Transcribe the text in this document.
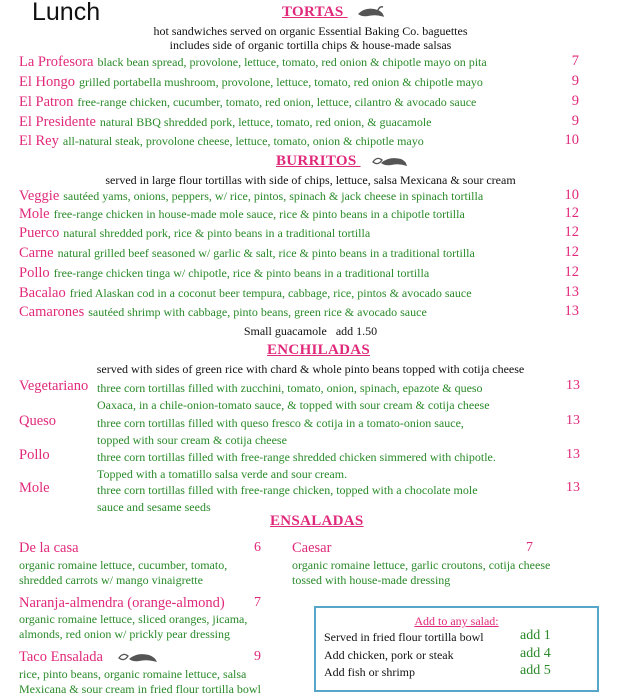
Lunch	TORTAS
hot sandwiches served on organic Essential Baking Co. baguettes
includes side of organic tortilla chips & house-made salsas
La Profesora black bean spread, provolone, lettuce, tomato, red onion & chipotle mayo on pita	7
El Hongo grilled portabella mushroom, provolone, lettuce, tomato, red onion & chipotle mayo	9
El Patron free-range chicken, cucumber, tomato, red onion, lettuce, cilantro & avocado sauce	9
El Presidente natural BBQ shredded pork, lettuce, tomato, red onion, & guacamole	9
El Rey all-natural steak, provolone cheese, lettuce, tomato, onion & chipotle mayo	10
BURRITOS
served in large flour tortillas with side of chips, lettuce, salsa Mexicana & sour cream
Veggie sautéed yams, onions, peppers, w/ rice, pintos, spinach & jack cheese in spinach tortilla	10
Mole free-range chicken in house-made mole sauce, rice & pinto beans in a chipotle tortilla	12
Puerco natural shredded pork, rice & pinto beans in a traditional tortilla	12
Carne natural grilled beef seasoned w/ garlic & salt, rice & pinto beans in a traditional tortilla	12
Pollo free-range chicken tinga w/ chipotle, rice & pinto beans in a traditional tortilla	12
Bacalao fried Alaskan cod in a coconut beer tempura, cabbage, rice, pintos & avocado sauce	13
Camarones sautéed shrimp with cabbage, pinto beans, green rice & avocado sauce	13
Small guacamole   add 1.50
ENCHILADAS
served with sides of green rice with chard & whole pinto beans topped with cotija cheese
Vegetariano three corn tortillas filled with zucchini, tomato, onion, spinach, epazote & queso
Oaxaca, in a chile-onion-tomato sauce, & topped with sour cream & cotija cheese
13
Queso	three corn tortillas filled with queso fresco & cotija in a tomato-onion sauce,
topped with sour cream & cotija cheese
13
Pollo	three corn tortillas filled with free-range shredded chicken simmered with chipotle.
Topped with a tomatillo salsa verde and sour cream.
13
Mole	three corn tortillas filled with free-range chicken, topped with a chocolate mole
sauce and sesame seeds
13
ENSALADAS
De la casa	6
organic romaine lettuce, cucumber, tomato,
shredded carrots w/ mango vinaigrette
Caesar	7
organic romaine lettuce, garlic croutons, cotija cheese
tossed with house-made dressing
Naranja-almendra (orange-almond) 7
organic romaine lettuce, sliced oranges, jicama,
almonds, red onion w/ prickly pear dressing
Taco Ensalada	9
rice, pinto beans, organic romaine lettuce, salsa
Mexicana & sour cream in fried flour tortilla bowl
Add to any salad:
Served in fried flour tortilla bowl	add 1
Add chicken, pork or steak	add 4
Add fish or shrimp	add 5
